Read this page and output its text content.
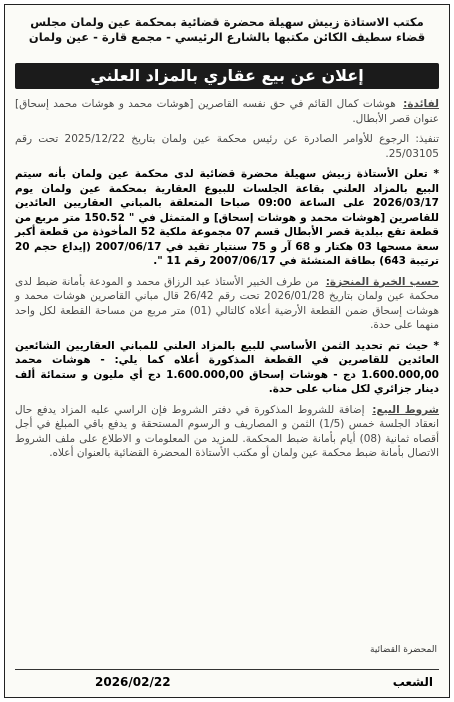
مكتب الاستاذة زبيش سهيلة محضرة قضائية بمحكمة عين ولمان مجلس
قضاء سطيف الكائن مكتبها بالشارع الرئيسي - مجمع قارة - عين ولمان
إعلان عن بيع عقاري بالمزاد العلني

لفائدة: هوشات كمال القائم في حق نفسه القاصرين [هوشات محمد و هوشات محمد إسحاق] عنوان قصر الأبطال.

تنفيذ: الرجوع للأوامر الصادرة عن رئيس محكمة عين ولمان بتاريخ 2025/12/22 تحت رقم 25/03105.

* تعلن الأستاذة زبيش سهيلة محضرة قضائية لدى محكمة عين ولمان بأنه سيتم البيع بالمزاد العلني بقاعة الجلسات للبيوع العقارية بمحكمة عين ولمان يوم 2026/03/17 على الساعة 09:00 صباحا المتعلقة بالمباني العقاريين العائدين للقاصرين [هوشات محمد و هوشات إسحاق] و المتمثل في " 150.52 متر مربع من قطعة تقع ببلدية قصر الأبطال قسم 07 مجموعة ملكية 52 المأخوذة من قطعة أكبر سعة مسحها 03 هكتار و 68 آر و 75 سنتيار تقيد في 2007/06/17 (إيداع حجم 20 ترتيبة 643) بطاقة المنشئة في 2007/06/17 رقم 11 ".

حسب الخبرة المنجزة: من طرف الخبير الأستاذ عبد الرزاق محمد و المودعة بأمانة ضبط لدى محكمة عين ولمان بتاريخ 2026/01/28 تحت رقم 26/42 قال مباني القاصرين هوشات محمد و هوشات إسحاق ضمن القطعة الأرضية أعلاه كالتالي (01) متر مربع من مساحة القطعة لكل واحد منهما على حدة.

* حيث تم تحديد الثمن الأساسي للبيع بالمزاد العلني للمباني العقاريين الشائعين العائدين للقاصرين في القطعة المذكورة أعلاه كما يلي: - هوشات محمد 1.600.000,00 دج - هوشات إسحاق 1.600.000,00 دج أي مليون و ستمائة ألف دينار جزائري لكل مناب على حدة.

شروط البيع: إضافة للشروط المذكورة في دفتر الشروط فإن الراسي عليه المزاد يدفع حال انعقاد الجلسة خمس (1/5) الثمن و المصاريف و الرسوم المستحقة و يدفع باقي المبلغ في أجل أقصاه ثمانية (08) أيام بأمانة ضبط المحكمة. للمزيد من المعلومات و الاطلاع على ملف الشروط الاتصال بأمانة ضبط محكمة عين ولمان أو مكتب الأستاذة المحضرة القضائية بالعنوان أعلاه.

المحضرة القضائية
الشعب
2026/02/22
